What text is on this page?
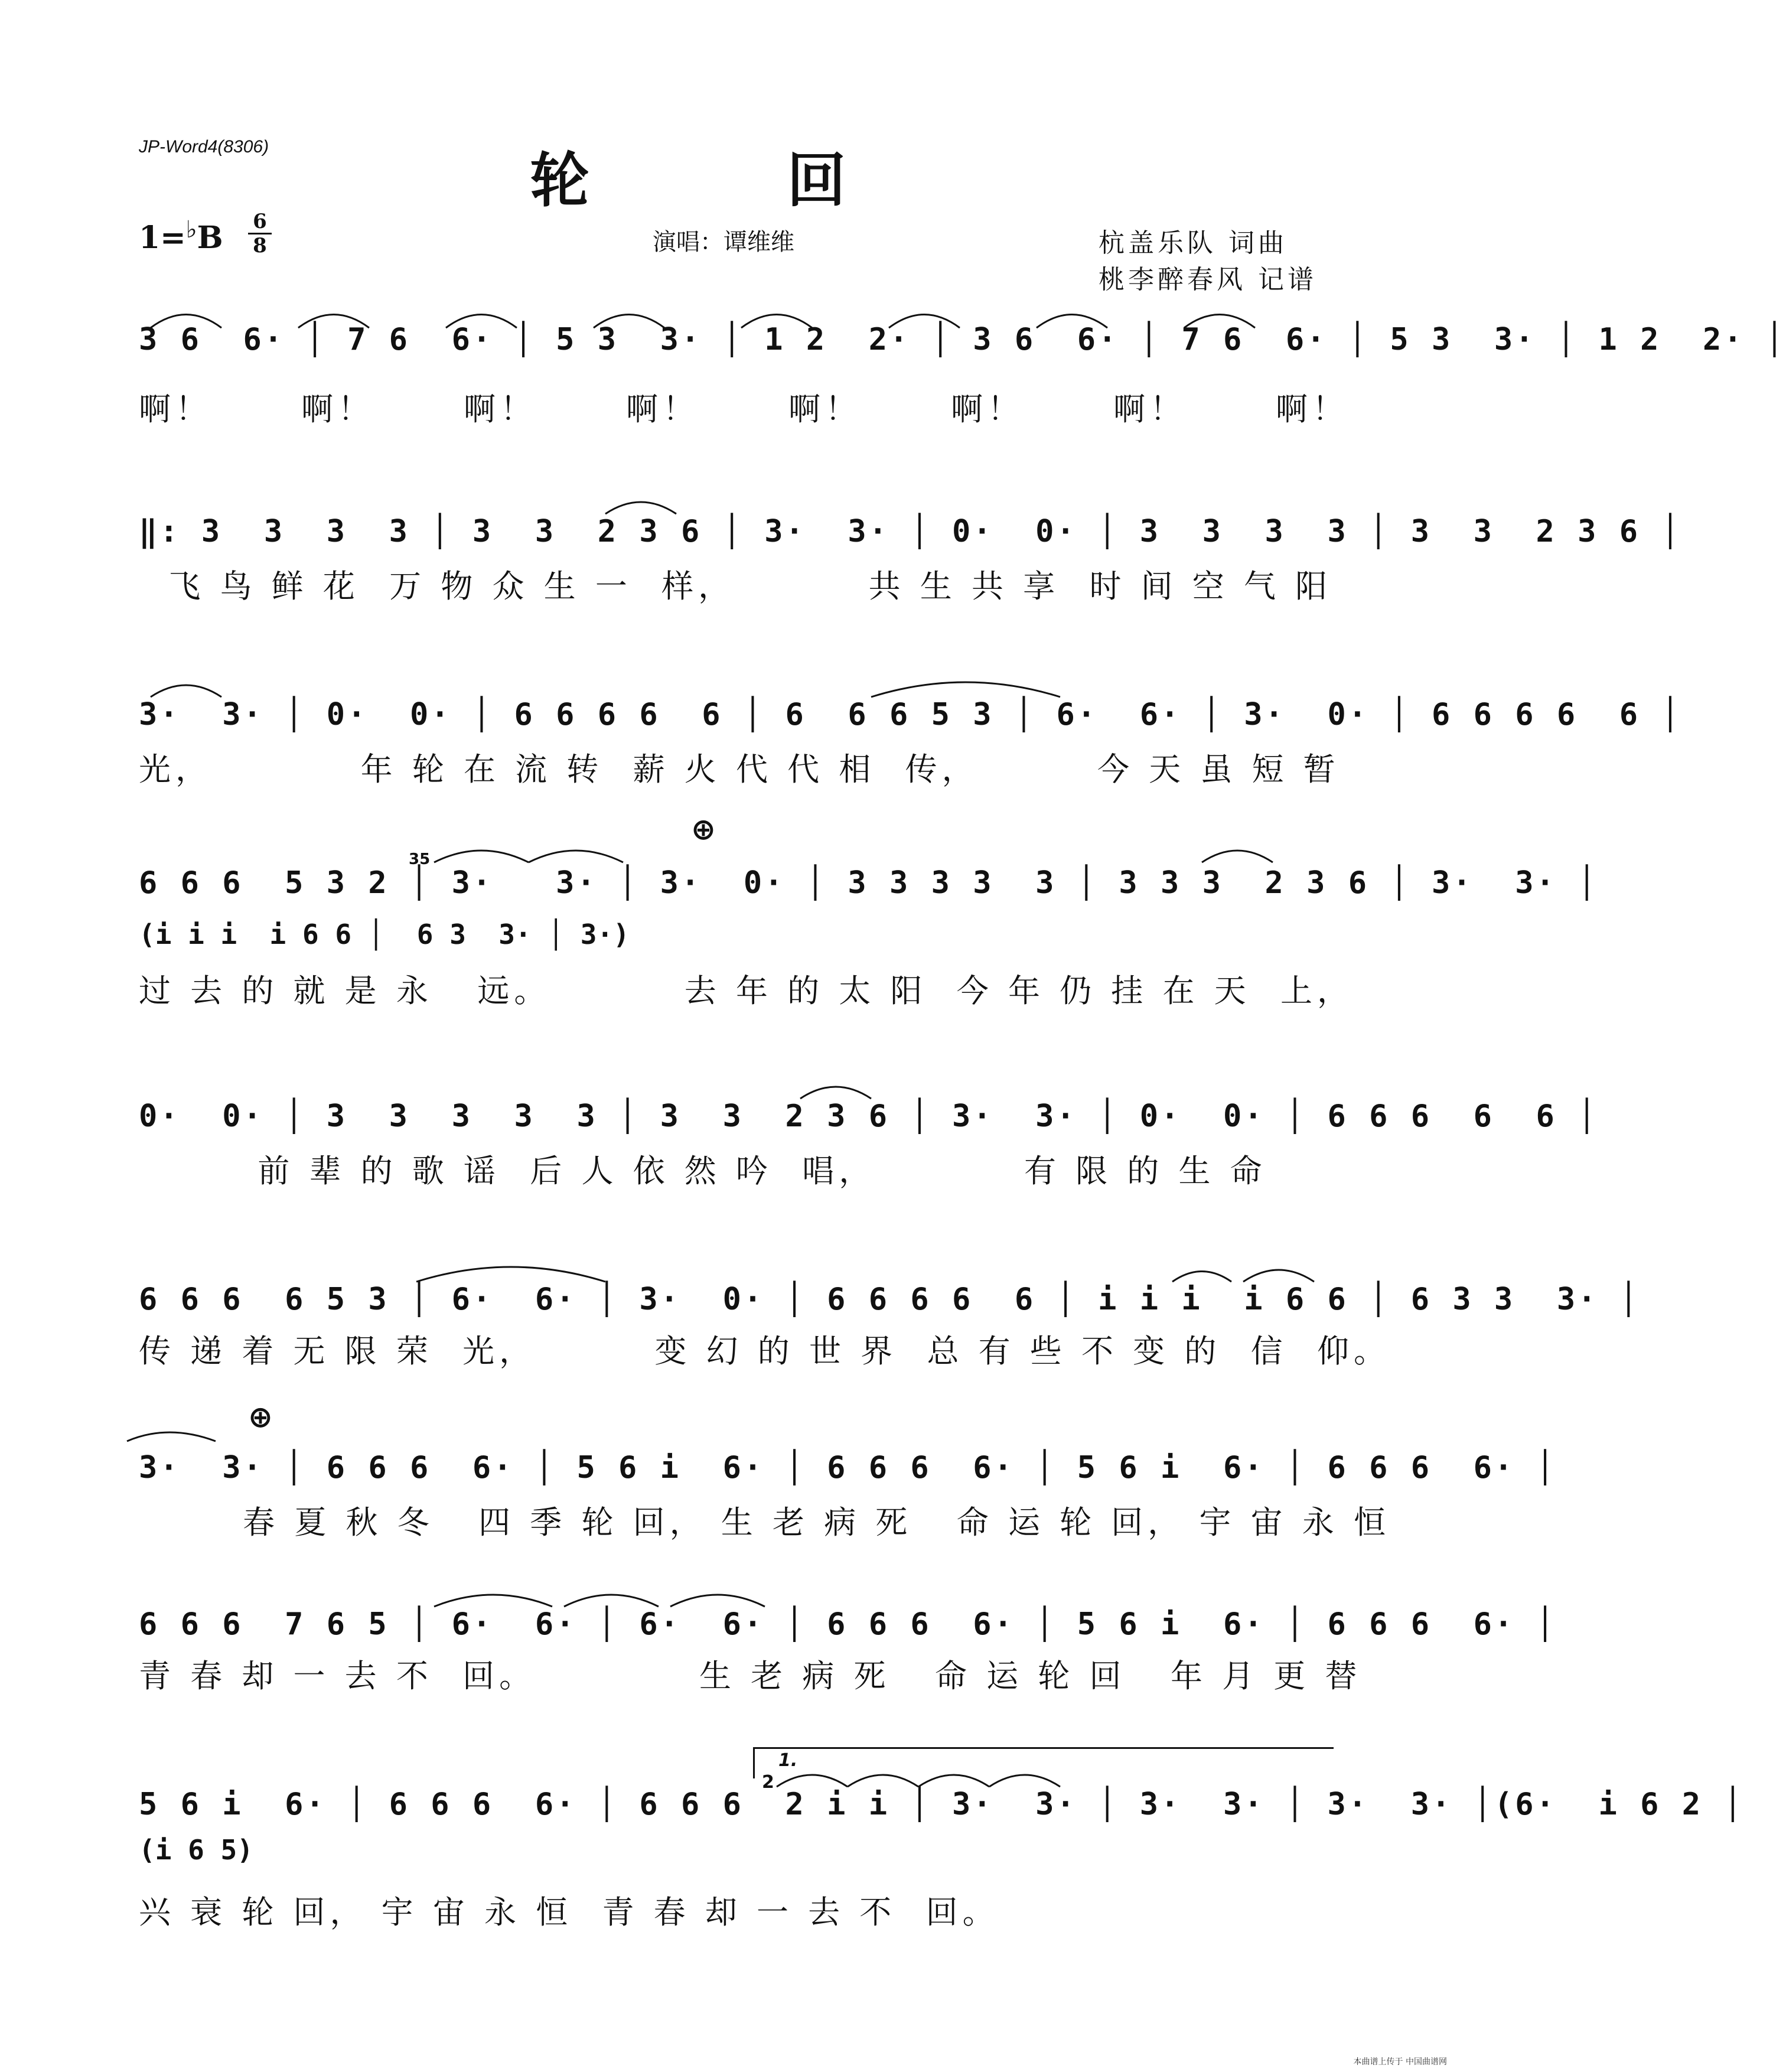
JP-Word4(8306)	轮 回
1=♭B 6
8	演唱：谭维维	杭盖乐队 词曲
桃李醉春风 记谱
3 6  6· │ 7 6  6· │ 5 3  3· │ 1 2  2· │ 3 6  6· │ 7 6  6· │ 5 3  3· │ 1 2  2· │
啊！      啊！      啊！      啊！      啊！      啊！      啊！      啊！
‖: 3  3  3  3 │ 3  3  2 3 6 │ 3·  3· │ 0·  0· │ 3  3  3  3 │ 3  3  2 3 6 │
飞 鸟 鲜 花  万 物 众 生 一  样，         共 生 共 享  时 间 空 气 阳
3·  3· │ 0·  0· │ 6 6 6 6  6 │ 6  6 6 5 3 │ 6·  6· │ 3·  0· │ 6 6 6 6  6 │
光，          年 轮 在 流 转  薪 火 代 代 相  传，        今 天 虽 短 暂
⊕
35
6 6 6  5 3 2 │ 3·   3· │ 3·  0· │ 3 3 3 3  3 │ 3 3 3  2 3 6 │ 3·  3· │
(i i i  i 6 6 │  6 3  3· │ 3·)
过 去 的 就 是 永   远。         去 年 的 太 阳  今 年 仍 挂 在 天  上，
0·  0· │ 3  3  3  3  3 │ 3  3  2 3 6 │ 3·  3· │ 0·  0· │ 6 6 6  6  6 │
前 辈 的 歌 谣  后 人 依 然 吟  唱，          有 限 的 生 命
6 6 6  6 5 3 │ 6·  6· │ 3·  0· │ 6 6 6 6  6 │ i i i  i 6 6 │ 6 3 3  3· │
传 递 着 无 限 荣  光，        变 幻 的 世 界  总 有 些 不 变 的  信  仰。
⊕
3·  3· │ 6 6 6  6· │ 5 6 i  6· │ 6 6 6  6· │ 5 6 i  6· │ 6 6 6  6· │
春 夏 秋 冬   四 季 轮 回， 生 老 病 死   命 运 轮 回， 宇 宙 永 恒
6 6 6  7 6 5 │ 6·  6· │ 6·  6· │ 6 6 6  6· │ 5 6 i  6· │ 6 6 6  6· │
青 春 却 一 去 不  回。           生 老 病 死   命 运 轮 回   年 月 更 替
1.
2
5 6 i  6· │ 6 6 6  6· │ 6 6 6  2 i i │ 3·  3· │ 3·  3· │ 3·  3· │(6·  i 6 2 │
(i 6 5)
兴 衰 轮 回， 宇 宙 永 恒  青 春 却 一 去 不  回。
本曲谱上传于 中国曲谱网
